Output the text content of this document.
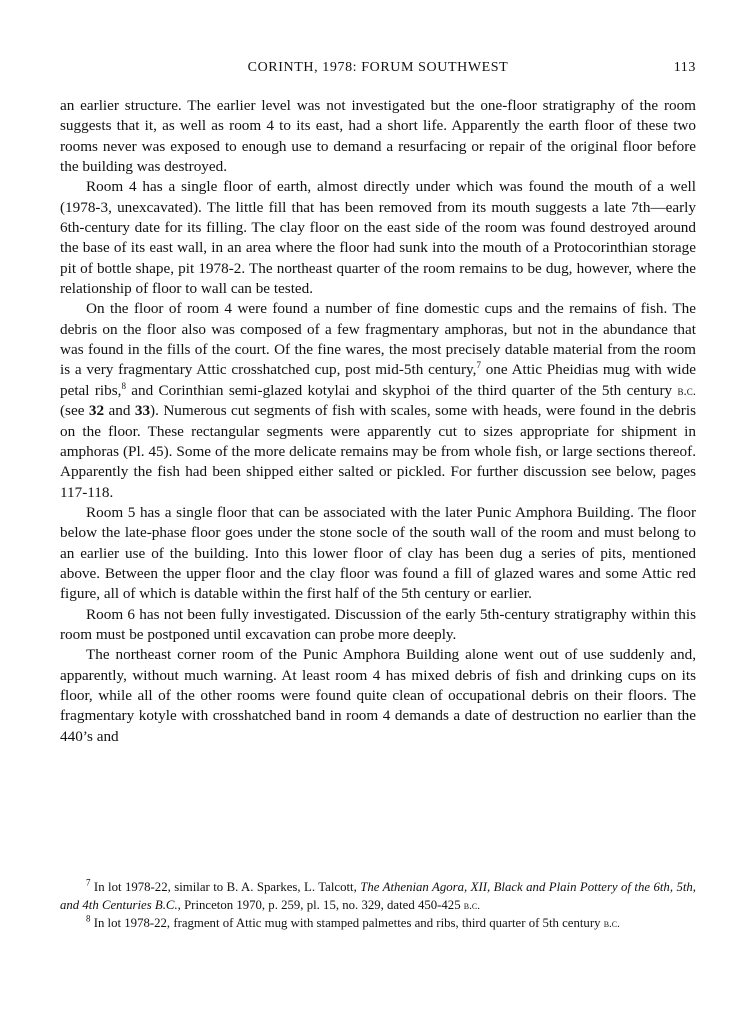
CORINTH, 1978: FORUM SOUTHWEST	113

an earlier structure. The earlier level was not investigated but the one-floor stratigraphy of the room suggests that it, as well as room 4 to its east, had a short life. Apparently the earth floor of these two rooms never was exposed to enough use to demand a resurfacing or repair of the original floor before the building was destroyed.

Room 4 has a single floor of earth, almost directly under which was found the mouth of a well (1978-3, unexcavated). The little fill that has been removed from its mouth suggests a late 7th—early 6th-century date for its filling. The clay floor on the east side of the room was found destroyed around the base of its east wall, in an area where the floor had sunk into the mouth of a Protocorinthian storage pit of bottle shape, pit 1978-2. The northeast quarter of the room remains to be dug, however, where the relationship of floor to wall can be tested.

On the floor of room 4 were found a number of fine domestic cups and the remains of fish. The debris on the floor also was composed of a few fragmentary amphoras, but not in the abundance that was found in the fills of the court. Of the fine wares, the most precisely datable material from the room is a very fragmentary Attic crosshatched cup, post mid-5th century,$^7$ one Attic Pheidias mug with wide petal ribs,$^8$ and Corinthian semi-glazed kotylai and skyphoi of the third quarter of the 5th century b.c. (see 32 and 33). Numerous cut segments of fish with scales, some with heads, were found in the debris on the floor. These rectangular segments were apparently cut to sizes appropriate for shipment in amphoras (Pl. 45). Some of the more delicate remains may be from whole fish, or large sections thereof. Apparently the fish had been shipped either salted or pickled. For further discussion see below, pages 117-118.

Room 5 has a single floor that can be associated with the later Punic Amphora Building. The floor below the late-phase floor goes under the stone socle of the south wall of the room and must belong to an earlier use of the building. Into this lower floor of clay has been dug a series of pits, mentioned above. Between the upper floor and the clay floor was found a fill of glazed wares and some Attic red figure, all of which is datable within the first half of the 5th century or earlier.

Room 6 has not been fully investigated. Discussion of the early 5th-century stratigraphy within this room must be postponed until excavation can probe more deeply.

The northeast corner room of the Punic Amphora Building alone went out of use suddenly and, apparently, without much warning. At least room 4 has mixed debris of fish and drinking cups on its floor, while all of the other rooms were found quite clean of occupational debris on their floors. The fragmentary kotyle with crosshatched band in room 4 demands a date of destruction no earlier than the 440’s and

$^7$ In lot 1978-22, similar to B. A. Sparkes, L. Talcott, The Athenian Agora, XII, Black and Plain Pottery of the 6th, 5th, and 4th Centuries B.C., Princeton 1970, p. 259, pl. 15, no. 329, dated 450-425 b.c.

$^8$ In lot 1978-22, fragment of Attic mug with stamped palmettes and ribs, third quarter of 5th century b.c.
